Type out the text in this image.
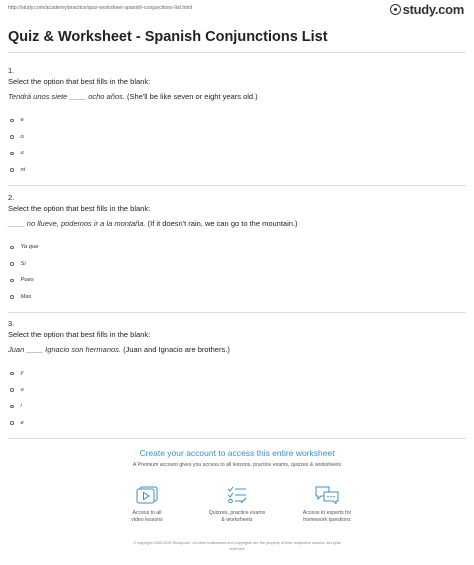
http://study.com/academy/practice/quiz-worksheet-spanish-conjunctions-list.html	study.com
Quiz & Worksheet - Spanish Conjunctions List
1.
Select the option that best fills in the blank:
Tendrá unos siete ____ ocho años. (She'll be like seven or eight years old.)
e
o
u
ni
2.
Select the option that best fills in the blank:
____ no llueve, podemos ir a la montaña. (If it doesn't rain, we can go to the mountain.)
Ya que
Si
Pues
Mas
3.
Select the option that best fills in the blank:
Juan ____ Ignacio son hermanos. (Juan and Ignacio are brothers.)
y
u
i
e
Create your account to access this entire worksheet
A Premium account gives you access to all lessons, practice exams, quizzes & worksheets
Access to all
video lessons
Quizzes, practice exams
& worksheets
Access to experts for
homework questions
© copyright 2003-2020 Study.com. All other trademarks and copyrights are the property of their respective owners. All rights
reserved.
